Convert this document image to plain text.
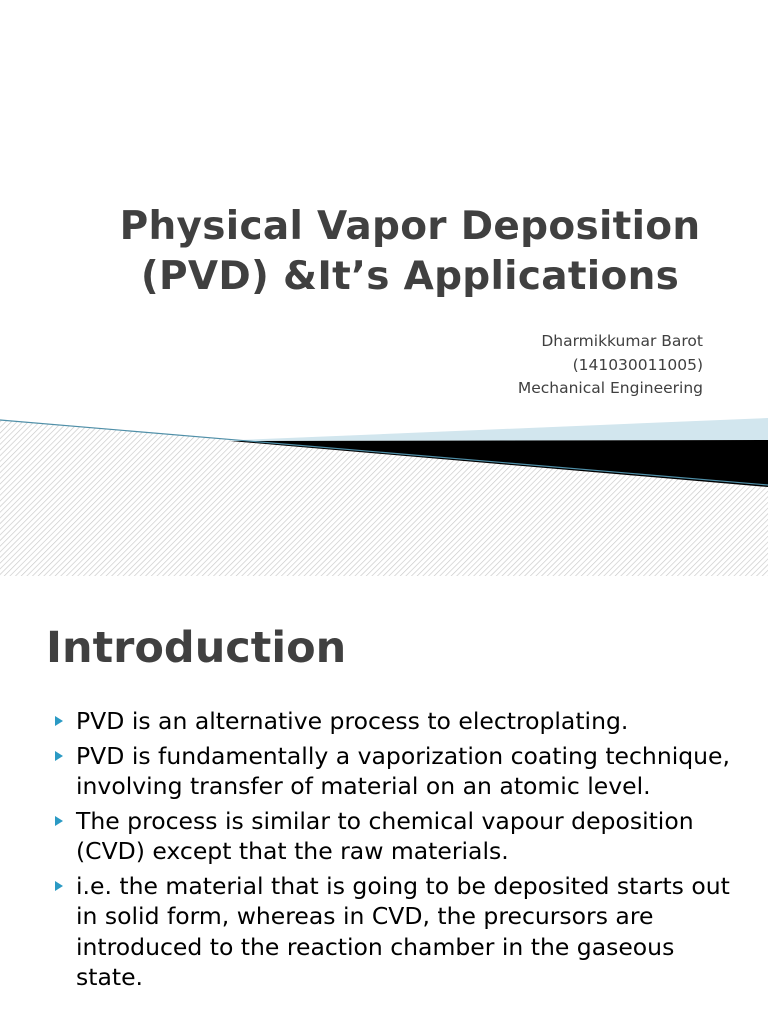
Physical Vapor Deposition
(PVD) &It’s Applications
Dharmikkumar Barot
(141030011005)
Mechanical Engineering
Introduction
PVD is an alternative process to electroplating.
PVD is fundamentally a vaporization coating technique, involving transfer of material on an atomic level.
The process is similar to chemical vapour deposition (CVD) except that the raw materials.
i.e. the material that is going to be deposited starts out in solid form, whereas in CVD, the precursors are introduced to the reaction chamber in the gaseous state.
